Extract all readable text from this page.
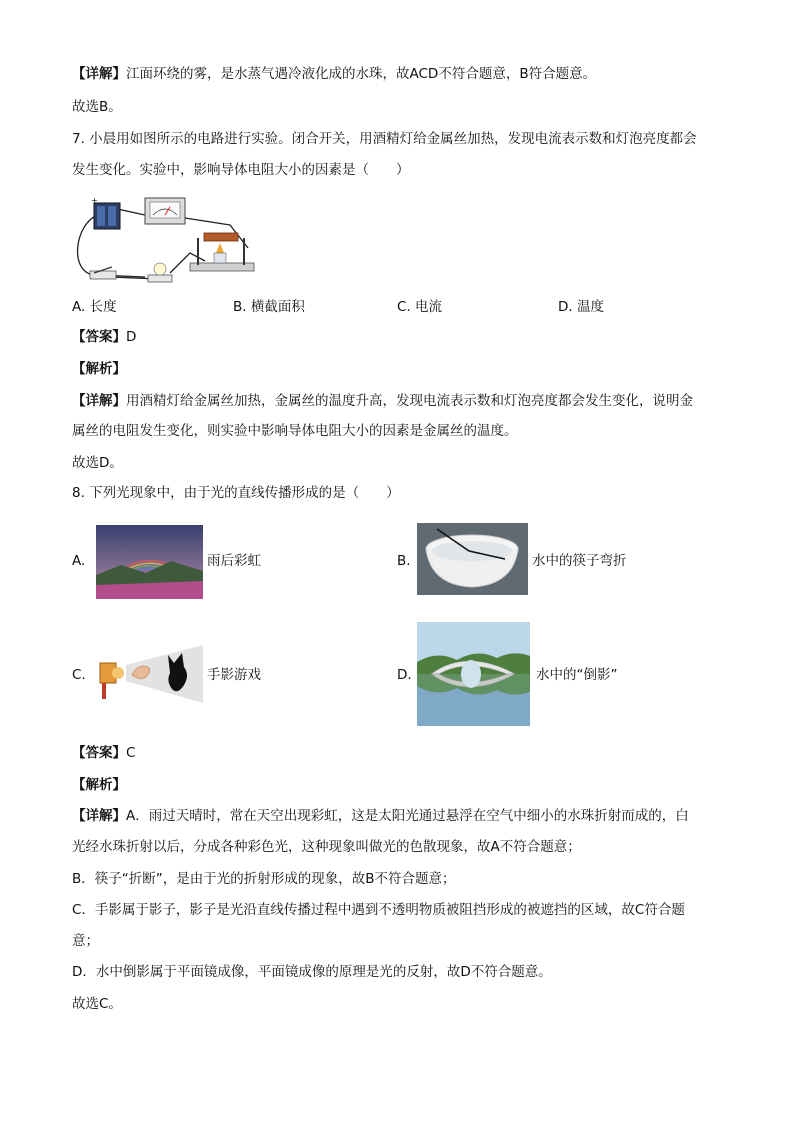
【详解】江面环绕的雾，是水蒸气遇冷液化成的水珠，故ACD不符合题意，B符合题意。
故选B。
7. 小晨用如图所示的电路进行实验。闭合开关，用酒精灯给金属丝加热，发现电流表示数和灯泡亮度都会
发生变化。实验中，影响导体电阻大小的因素是（　　）
+
A. 长度	B. 横截面积	C. 电流	D. 温度
【答案】D
【解析】
【详解】用酒精灯给金属丝加热，金属丝的温度升高，发现电流表示数和灯泡亮度都会发生变化，说明金
属丝的电阻发生变化，则实验中影响导体电阻大小的因素是金属丝的温度。
故选D。
8. 下列光现象中，由于光的直线传播形成的是（　　）
A.	雨后彩虹	B.	水中的筷子弯折
C.	手影游戏	D.	水中的“倒影”
【答案】C
【解析】
【详解】A．雨过天晴时，常在天空出现彩虹，这是太阳光通过悬浮在空气中细小的水珠折射而成的，白
光经水珠折射以后，分成各种彩色光，这种现象叫做光的色散现象，故A不符合题意；
B．筷子“折断”，是由于光的折射形成的现象，故B不符合题意；
C．手影属于影子，影子是光沿直线传播过程中遇到不透明物质被阻挡形成的被遮挡的区域，故C符合题
意；
D．水中倒影属于平面镜成像，平面镜成像的原理是光的反射，故D不符合题意。
故选C。
